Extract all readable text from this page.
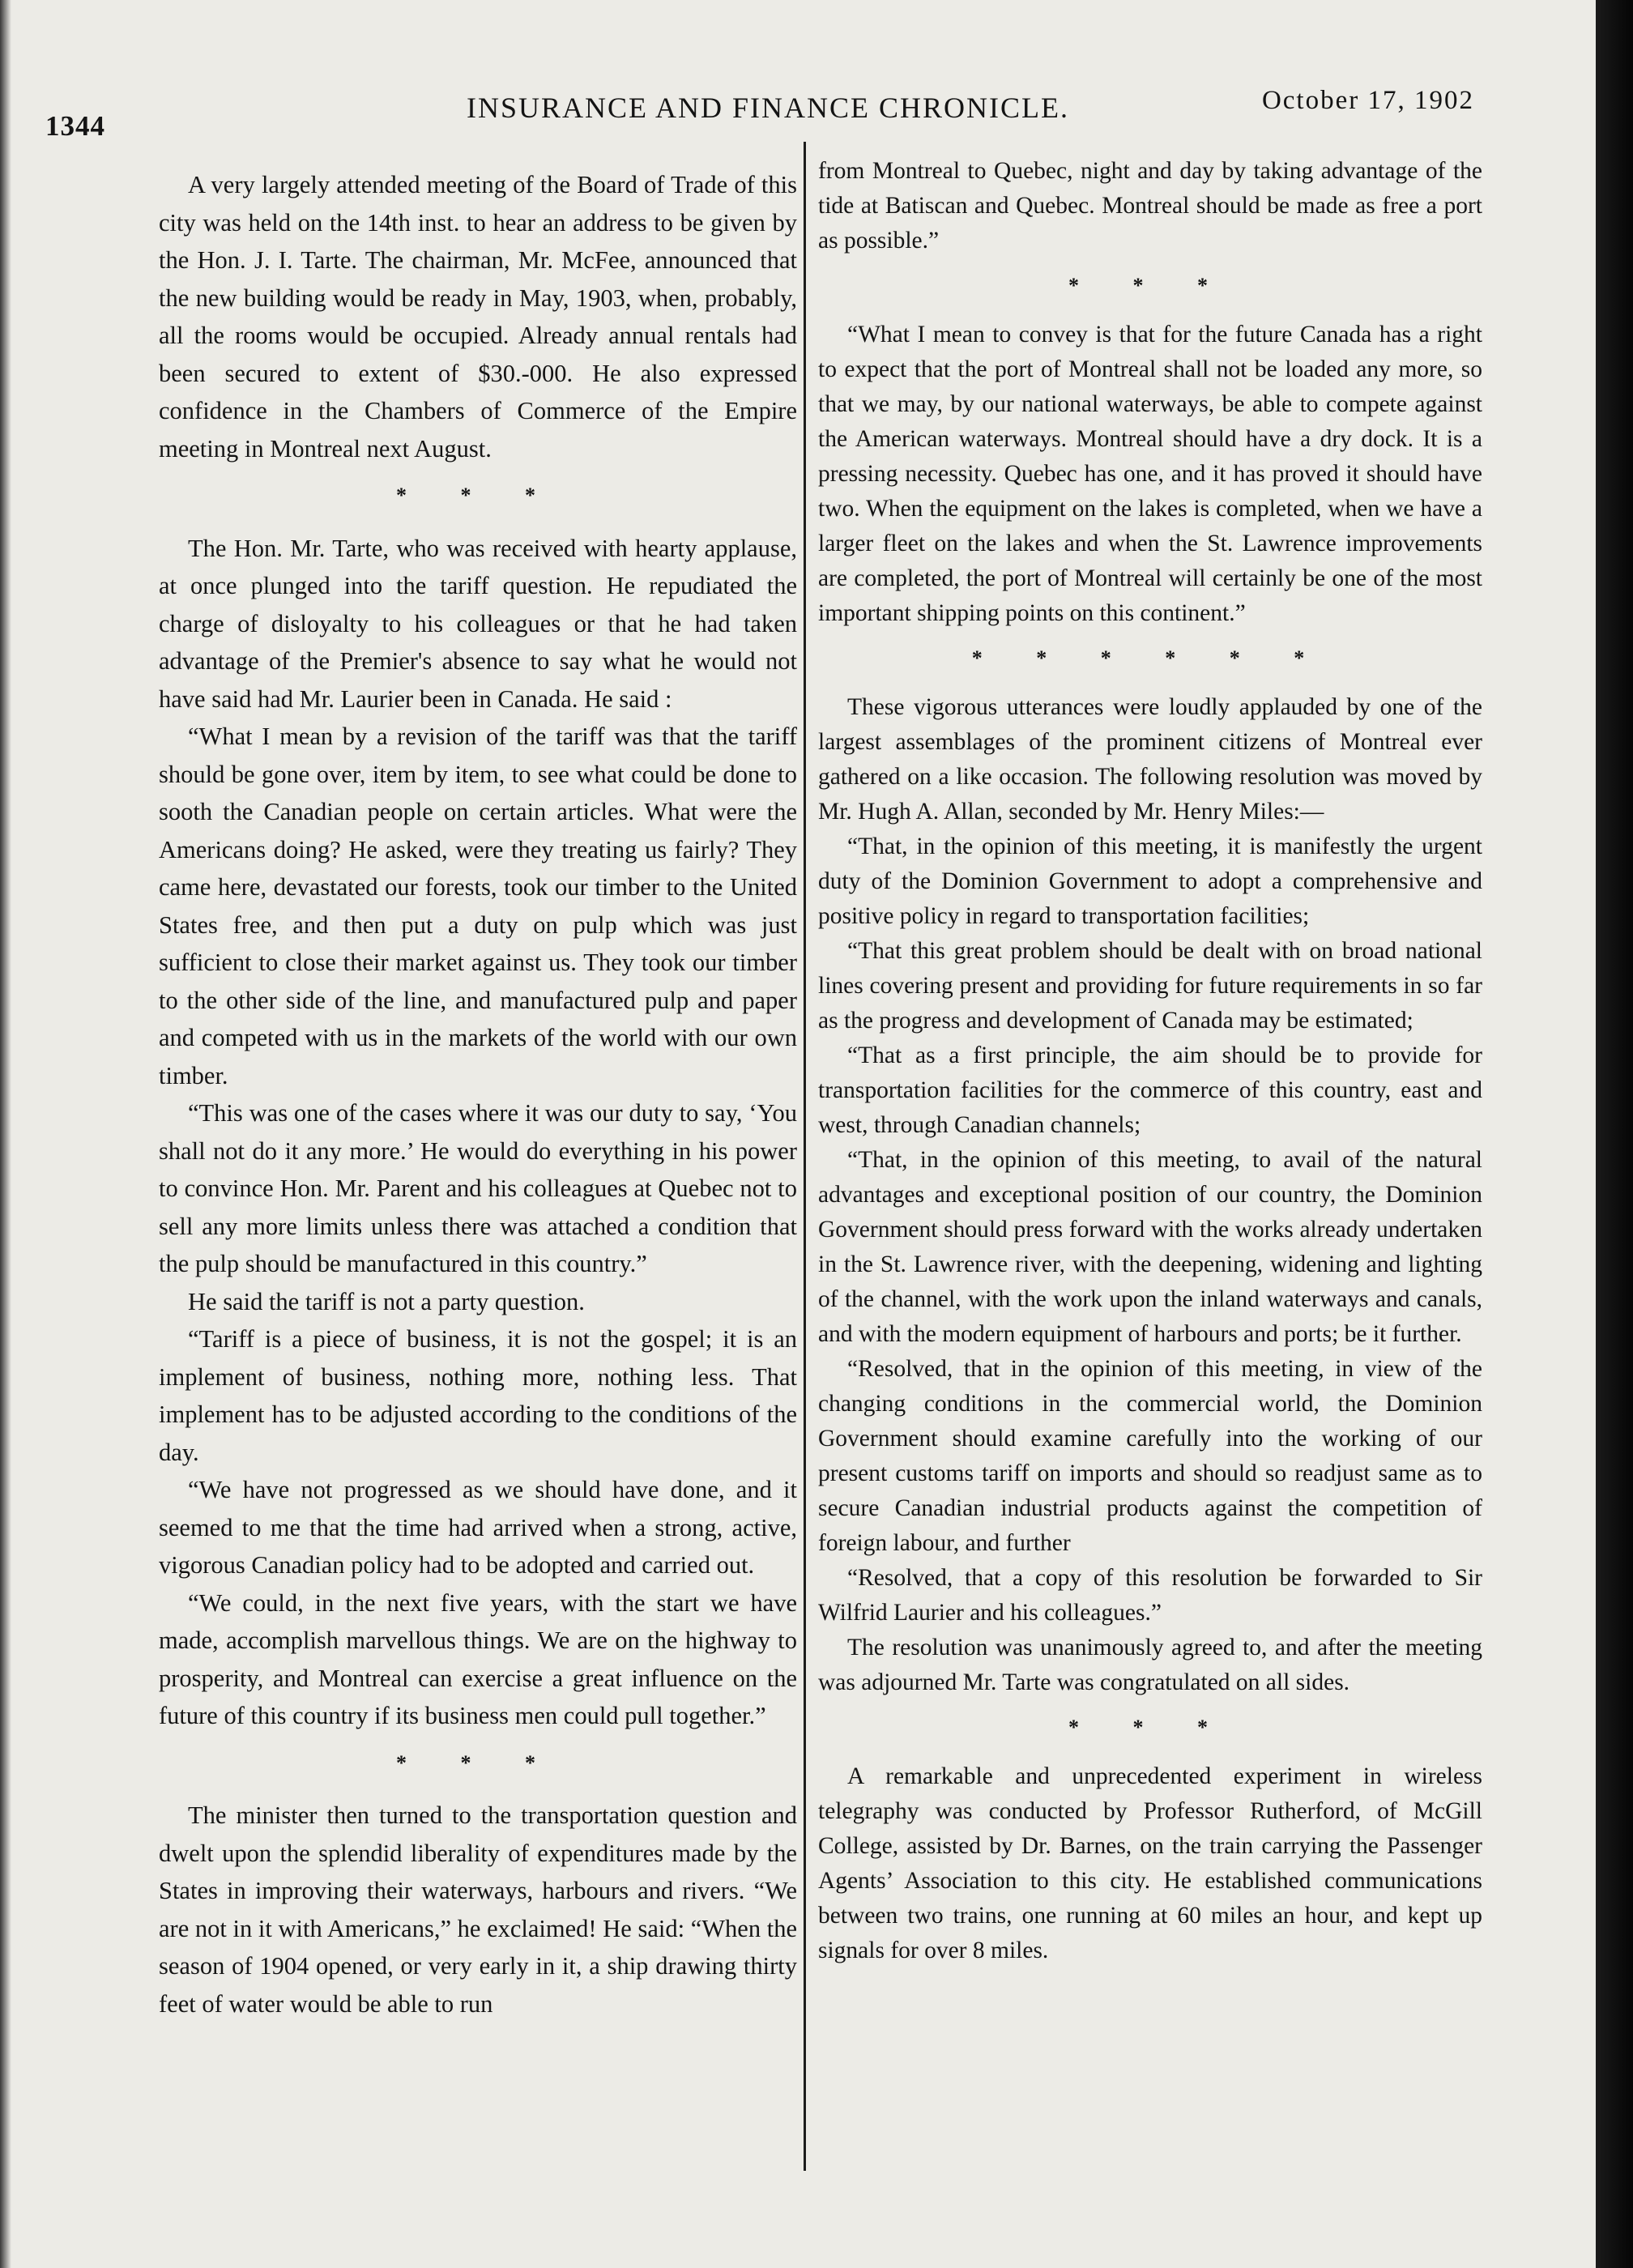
1344
INSURANCE AND FINANCE CHRONICLE.	October 17, 1902

A very largely attended meeting of the Board of Trade of this city was held on the 14th inst. to hear an address to be given by the Hon. J. I. Tarte. The chairman, Mr. McFee, announced that the new building would be ready in May, 1903, when, probably, all the rooms would be occupied. Already annual rentals had been secured to extent of $30.-000. He also expressed confidence in the Chambers of Commerce of the Empire meeting in Montreal next August.

* * *

The Hon. Mr. Tarte, who was received with hearty applause, at once plunged into the tariff question. He repudiated the charge of disloyalty to his colleagues or that he had taken advantage of the Premier's absence to say what he would not have said had Mr. Laurier been in Canada. He said :

“What I mean by a revision of the tariff was that the tariff should be gone over, item by item, to see what could be done to sooth the Canadian people on certain articles. What were the Americans doing? He asked, were they treating us fairly? They came here, devastated our forests, took our timber to the United States free, and then put a duty on pulp which was just sufficient to close their market against us. They took our timber to the other side of the line, and manufactured pulp and paper and competed with us in the markets of the world with our own timber.

“This was one of the cases where it was our duty to say, ‘You shall not do it any more.’ He would do everything in his power to convince Hon. Mr. Parent and his colleagues at Quebec not to sell any more limits unless there was attached a condition that the pulp should be manufactured in this country.”

He said the tariff is not a party question.

“Tariff is a piece of business, it is not the gospel; it is an implement of business, nothing more, nothing less. That implement has to be adjusted according to the conditions of the day.

“We have not progressed as we should have done, and it seemed to me that the time had arrived when a strong, active, vigorous Canadian policy had to be adopted and carried out.

“We could, in the next five years, with the start we have made, accomplish marvellous things. We are on the highway to prosperity, and Montreal can exercise a great influence on the future of this country if its business men could pull together.”

* * *

The minister then turned to the transportation question and dwelt upon the splendid liberality of expenditures made by the States in improving their waterways, harbours and rivers. “We are not in it with Americans,” he exclaimed! He said: “When the season of 1904 opened, or very early in it, a ship drawing thirty feet of water would be able to run

from Montreal to Quebec, night and day by taking advantage of the tide at Batiscan and Quebec. Montreal should be made as free a port as possible.”

* * *

“What I mean to convey is that for the future Canada has a right to expect that the port of Montreal shall not be loaded any more, so that we may, by our national waterways, be able to compete against the American waterways. Montreal should have a dry dock. It is a pressing necessity. Quebec has one, and it has proved it should have two. When the equipment on the lakes is completed, when we have a larger fleet on the lakes and when the St. Lawrence improvements are completed, the port of Montreal will certainly be one of the most important shipping points on this continent.”

* * * * * *

These vigorous utterances were loudly applauded by one of the largest assemblages of the prominent citizens of Montreal ever gathered on a like occasion. The following resolution was moved by Mr. Hugh A. Allan, seconded by Mr. Henry Miles:—

“That, in the opinion of this meeting, it is manifestly the urgent duty of the Dominion Government to adopt a comprehensive and positive policy in regard to transportation facilities;

“That this great problem should be dealt with on broad national lines covering present and providing for future requirements in so far as the progress and development of Canada may be estimated;

“That as a first principle, the aim should be to provide for transportation facilities for the commerce of this country, east and west, through Canadian channels;

“That, in the opinion of this meeting, to avail of the natural advantages and exceptional position of our country, the Dominion Government should press forward with the works already undertaken in the St. Lawrence river, with the deepening, widening and lighting of the channel, with the work upon the inland waterways and canals, and with the modern equipment of harbours and ports; be it further.

“Resolved, that in the opinion of this meeting, in view of the changing conditions in the commercial world, the Dominion Government should examine carefully into the working of our present customs tariff on imports and should so readjust same as to secure Canadian industrial products against the competition of foreign labour, and further

“Resolved, that a copy of this resolution be forwarded to Sir Wilfrid Laurier and his colleagues.”

The resolution was unanimously agreed to, and after the meeting was adjourned Mr. Tarte was congratulated on all sides.

* * *

A remarkable and unprecedented experiment in wireless telegraphy was conducted by Professor Rutherford, of McGill College, assisted by Dr. Barnes, on the train carrying the Passenger Agents’ Association to this city. He established communications between two trains, one running at 60 miles an hour, and kept up signals for over 8 miles.
